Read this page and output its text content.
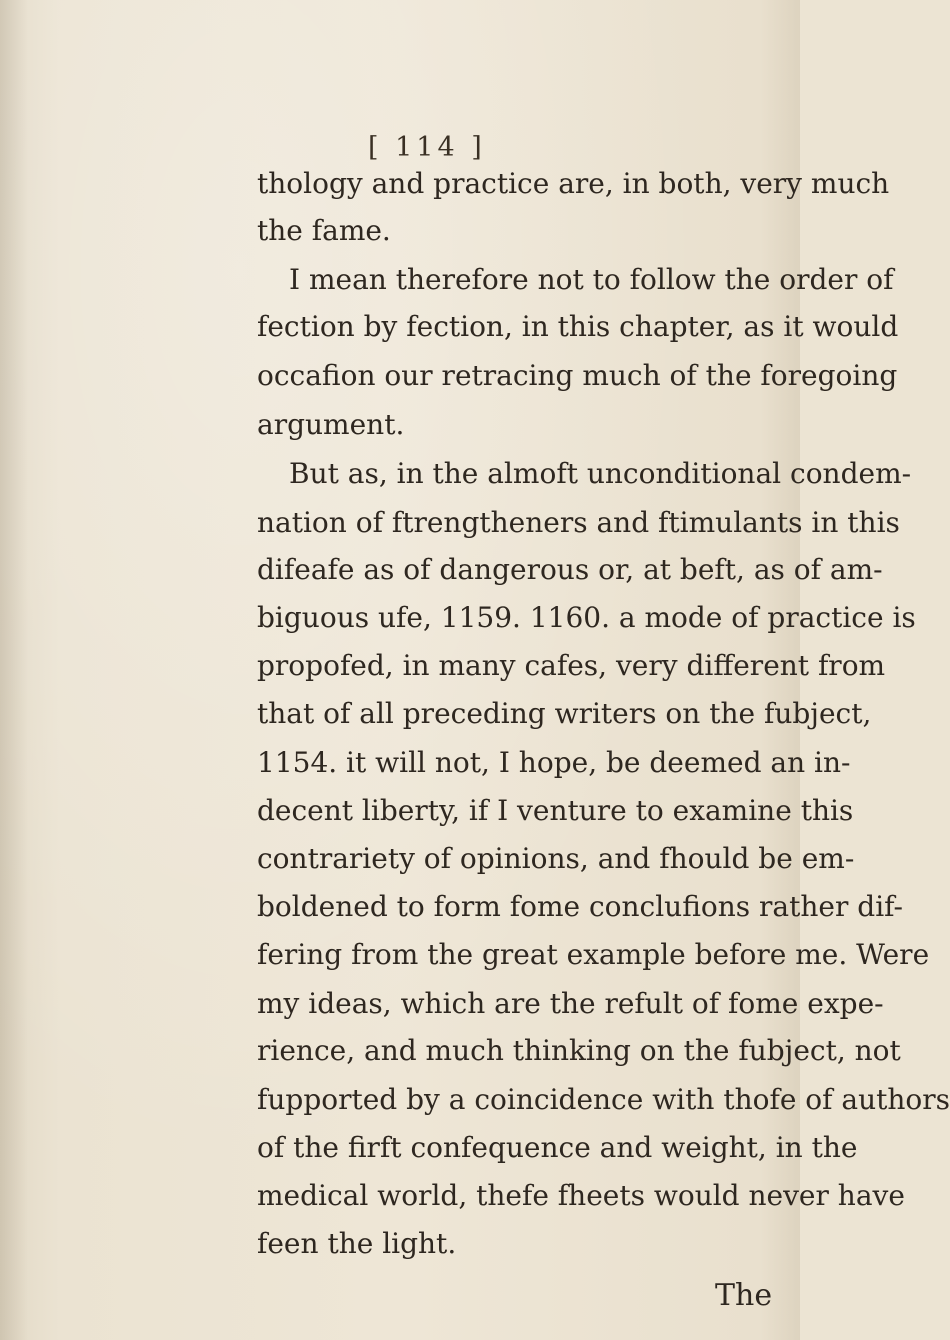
[ 114 ]
thology and practice are, in both, very much
the fame.
I mean therefore not to follow the order of
fection by fection, in this chapter, as it would
occafion our retracing much of the foregoing
argument.
But as, in the almoft unconditional condem-
nation of ftrengtheners and ftimulants in this
difeafe as of dangerous or, at beft, as of am-
biguous ufe, 1159. 1160. a mode of practice is
propofed, in many cafes, very different from
that of all preceding writers on the fubject,
1154. it will not, I hope, be deemed an in-
decent liberty, if I venture to examine this
contrariety of opinions, and fhould be em-
boldened to form fome conclufions rather dif-
fering from the great example before me. Were
my ideas, which are the refult of fome expe-
rience, and much thinking on the fubject, not
fupported by a coincidence with thofe of authors
of the firft confequence and weight, in the
medical world, thefe fheets would never have
feen the light.
The
